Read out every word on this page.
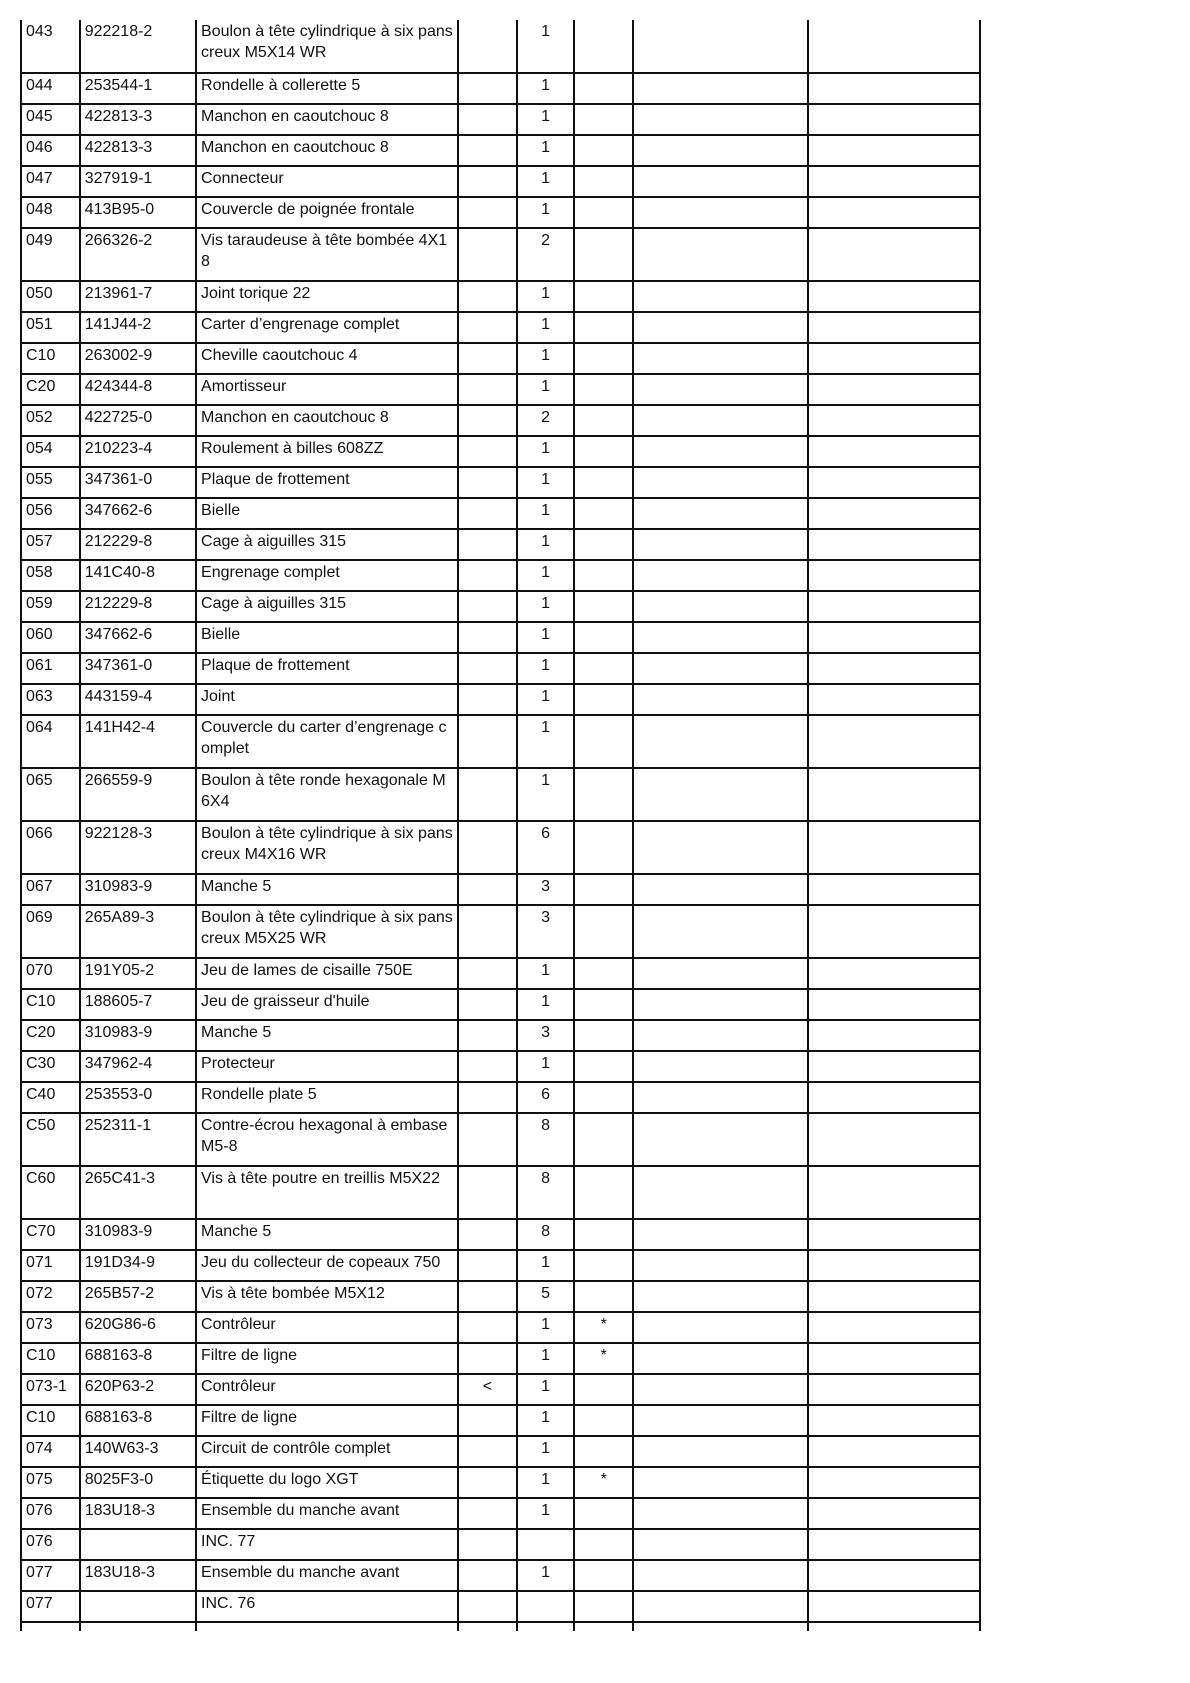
043	922218-2	Boulon à tête cylindrique à six pans creux M5X14 WR		1			
044	253544-1	Rondelle à collerette 5		1			
045	422813-3	Manchon en caoutchouc 8		1			
046	422813-3	Manchon en caoutchouc 8		1			
047	327919-1	Connecteur		1			
048	413B95-0	Couvercle de poignée frontale		1			
049	266326-2	Vis taraudeuse à tête bombée 4X18		2			
050	213961-7	Joint torique 22		1			
051	141J44-2	Carter d’engrenage complet		1			
C10	263002-9	Cheville caoutchouc 4		1			
C20	424344-8	Amortisseur		1			
052	422725-0	Manchon en caoutchouc 8		2			
054	210223-4	Roulement à billes 608ZZ		1			
055	347361-0	Plaque de frottement		1			
056	347662-6	Bielle		1			
057	212229-8	Cage à aiguilles 315		1			
058	141C40-8	Engrenage complet		1			
059	212229-8	Cage à aiguilles 315		1			
060	347662-6	Bielle		1			
061	347361-0	Plaque de frottement		1			
063	443159-4	Joint		1			
064	141H42-4	Couvercle du carter d’engrenage complet		1			
065	266559-9	Boulon à tête ronde hexagonale M6X4		1			
066	922128-3	Boulon à tête cylindrique à six pans creux M4X16 WR		6			
067	310983-9	Manche 5		3			
069	265A89-3	Boulon à tête cylindrique à six pans creux M5X25 WR		3			
070	191Y05-2	Jeu de lames de cisaille 750E		1			
C10	188605-7	Jeu de graisseur d'huile		1			
C20	310983-9	Manche 5		3			
C30	347962-4	Protecteur		1			
C40	253553-0	Rondelle plate 5		6			
C50	252311-1	Contre-écrou hexagonal à embase M5-8		8			
C60	265C41-3	Vis à tête poutre en treillis M5X22		8			
C70	310983-9	Manche 5		8			
071	191D34-9	Jeu du collecteur de copeaux 750		1			
072	265B57-2	Vis à tête bombée M5X12		5			
073	620G86-6	Contrôleur		1	*		
C10	688163-8	Filtre de ligne		1	*		
073-1	620P63-2	Contrôleur	<	1			
C10	688163-8	Filtre de ligne		1			
074	140W63-3	Circuit de contrôle complet		1			
075	8025F3-0	Étiquette du logo XGT		1	*		
076	183U18-3	Ensemble du manche avant		1			
076		INC. 77					
077	183U18-3	Ensemble du manche avant		1			
077		INC. 76					
